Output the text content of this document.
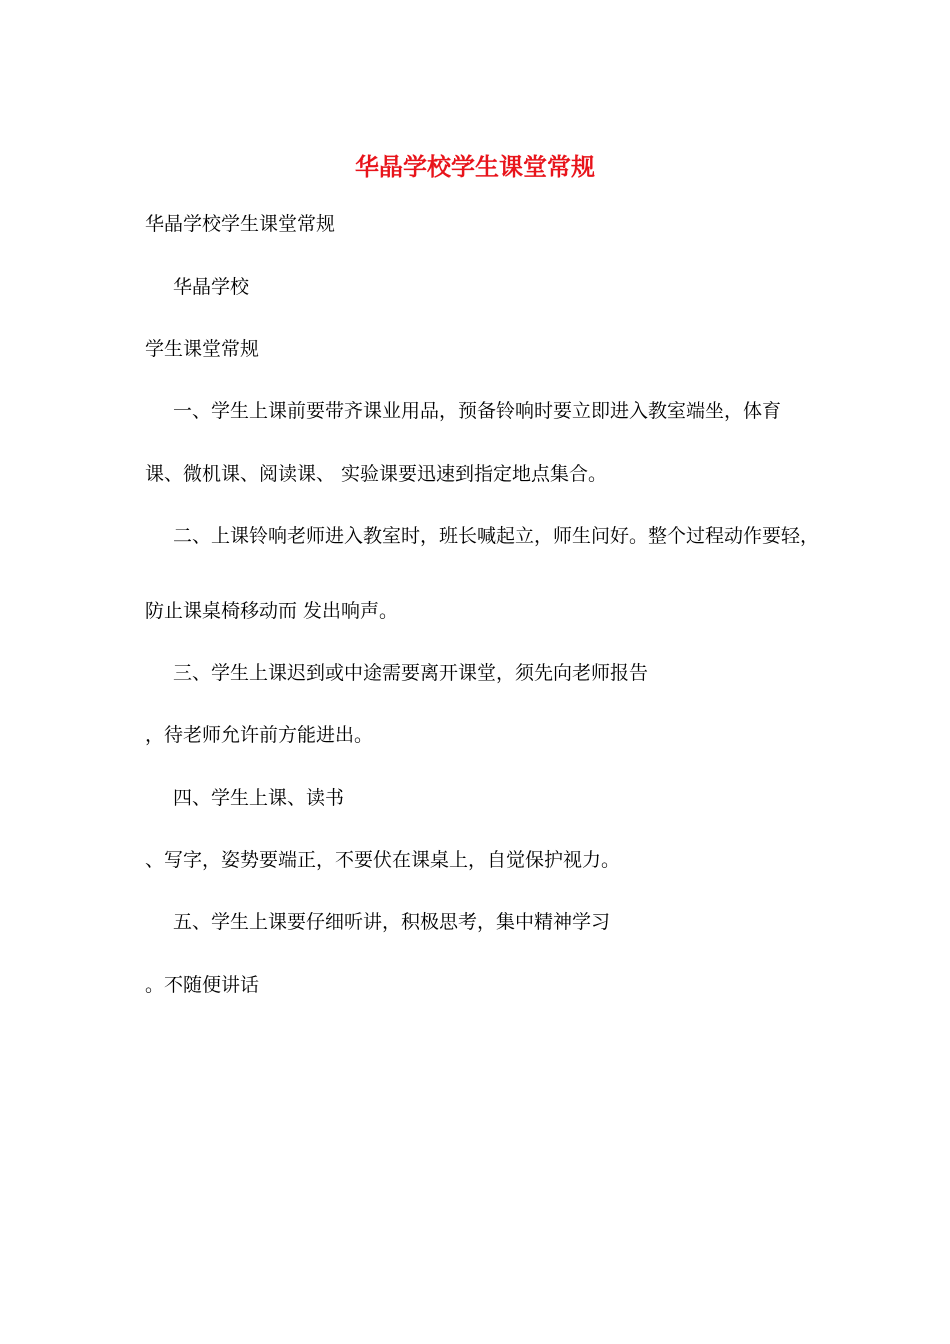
华晶学校学生课堂常规
华晶学校学生课堂常规
华晶学校
学生课堂常规
一、学生上课前要带齐课业用品，预备铃响时要立即进入教室端坐，体育
课、微机课、阅读课、 实验课要迅速到指定地点集合。
二、上课铃响老师进入教室时，班长喊起立，师生问好。整个过程动作要轻，
防止课桌椅移动而 发出响声。
三、学生上课迟到或中途需要离开课堂，须先向老师报告
，待老师允许前方能进出。
四、学生上课、读书
、写字，姿势要端正，不要伏在课桌上，自觉保护视力。
五、学生上课要仔细听讲，积极思考，集中精神学习
。不随便讲话
